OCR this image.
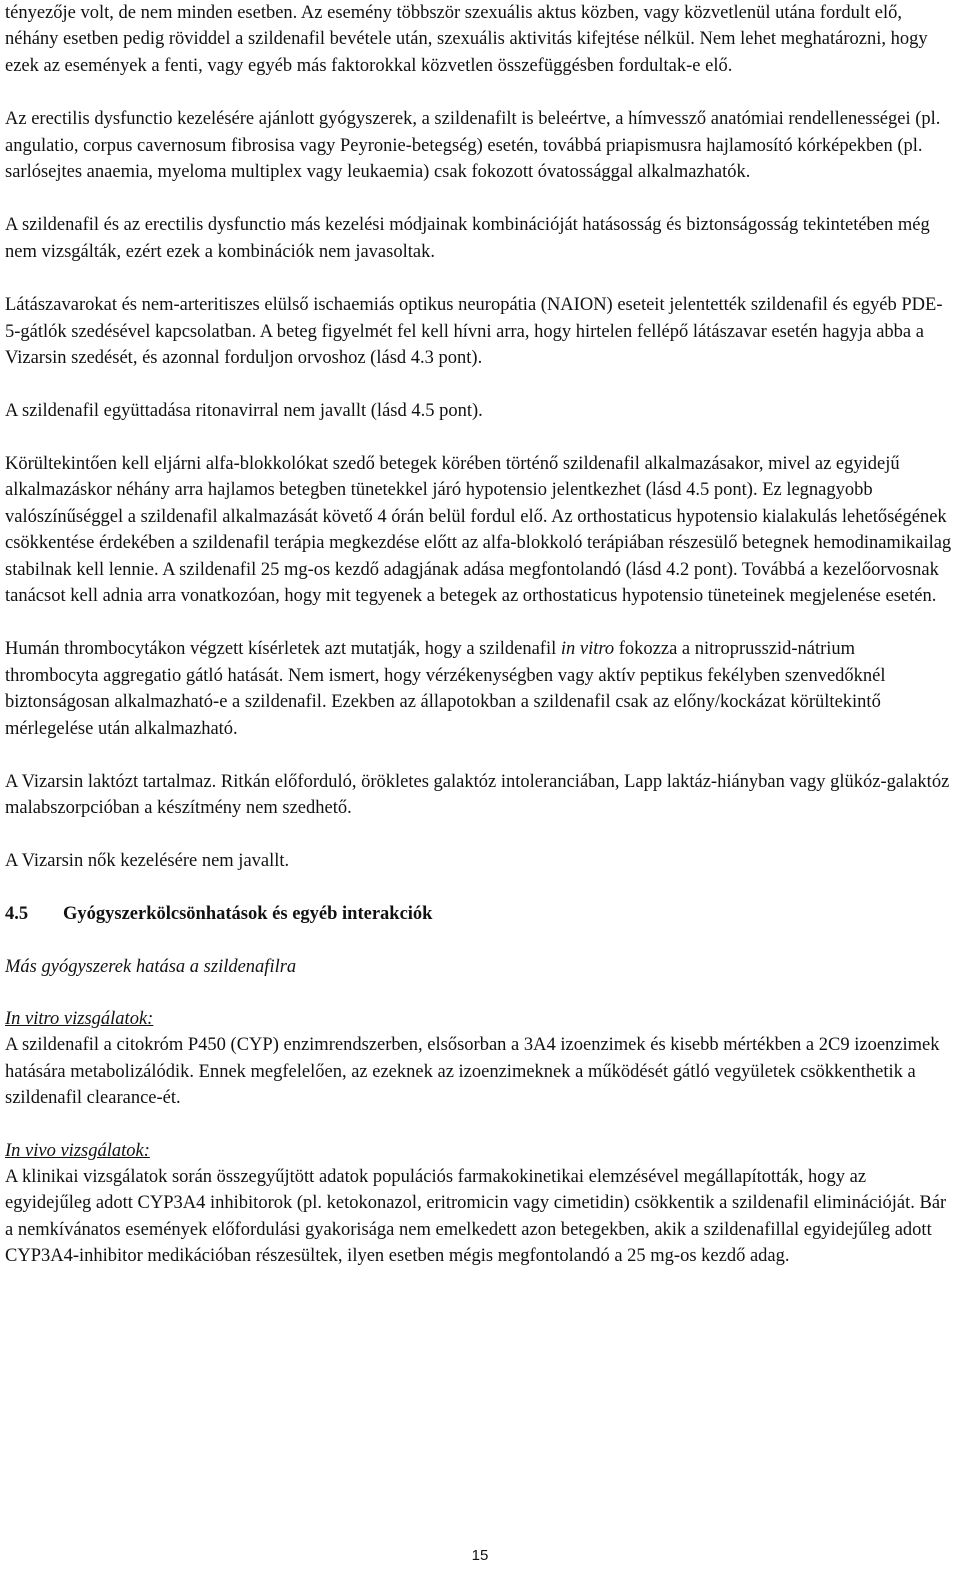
tényezője volt, de nem minden esetben. Az esemény többször szexuális aktus közben, vagy közvetlenül utána fordult elő, néhány esetben pedig röviddel a szildenafil bevétele után, szexuális aktivitás kifejtése nélkül. Nem lehet meghatározni, hogy ezek az események a fenti, vagy egyéb más faktorokkal közvetlen összefüggésben fordultak-e elő.

Az erectilis dysfunctio kezelésére ajánlott gyógyszerek, a szildenafilt is beleértve, a hímvessző anatómiai rendellenességei (pl. angulatio, corpus cavernosum fibrosisa vagy Peyronie-betegség) esetén, továbbá priapismusra hajlamosító kórképekben (pl. sarlósejtes anaemia, myeloma multiplex vagy leukaemia) csak fokozott óvatossággal alkalmazhatók.

A szildenafil és az erectilis dysfunctio más kezelési módjainak kombinációját hatásosság és biztonságosság tekintetében még nem vizsgálták, ezért ezek a kombinációk nem javasoltak.

Látászavarokat és nem-arteritiszes elülső ischaemiás optikus neuropátia (NAION) eseteit jelentették szildenafil és egyéb PDE-5-gátlók szedésével kapcsolatban. A beteg figyelmét fel kell hívni arra, hogy hirtelen fellépő látászavar esetén hagyja abba a Vizarsin szedését, és azonnal forduljon orvoshoz (lásd 4.3 pont).

A szildenafil együttadása ritonavirral nem javallt (lásd 4.5 pont).

Körültekintően kell eljárni alfa-blokkolókat szedő betegek körében történő szildenafil alkalmazásakor, mivel az egyidejű alkalmazáskor néhány arra hajlamos betegben tünetekkel járó hypotensio jelentkezhet (lásd 4.5 pont). Ez legnagyobb valószínűséggel a szildenafil alkalmazását követő 4 órán belül fordul elő. Az orthostaticus hypotensio kialakulás lehetőségének csökkentése érdekében a szildenafil terápia megkezdése előtt az alfa-blokkoló terápiában részesülő betegnek hemodinamikailag stabilnak kell lennie. A szildenafil 25 mg-os kezdő adagjának adása megfontolandó (lásd 4.2 pont). Továbbá a kezelőorvosnak tanácsot kell adnia arra vonatkozóan, hogy mit tegyenek a betegek az orthostaticus hypotensio tüneteinek megjelenése esetén.

Humán thrombocytákon végzett kísérletek azt mutatják, hogy a szildenafil in vitro fokozza a nitroprusszid-nátrium thrombocyta aggregatio gátló hatását. Nem ismert, hogy vérzékenységben vagy aktív peptikus fekélyben szenvedőknél biztonságosan alkalmazható-e a szildenafil. Ezekben az állapotokban a szildenafil csak az előny/kockázat körültekintő mérlegelése után alkalmazható.

A Vizarsin laktózt tartalmaz. Ritkán előforduló, örökletes galaktóz intoleranciában, Lapp laktáz-hiányban vagy glükóz-galaktóz malabszorpcióban a készítmény nem szedhető.

A Vizarsin nők kezelésére nem javallt.

4.5	Gyógyszerkölcsönhatások és egyéb interakciók

Más gyógyszerek hatása a szildenafilra

In vitro vizsgálatok:
A szildenafil a citokróm P450 (CYP) enzimrendszerben, elsősorban a 3A4 izoenzimek és kisebb mértékben a 2C9 izoenzimek hatására metabolizálódik. Ennek megfelelően, az ezeknek az izoenzimeknek a működését gátló vegyületek csökkenthetik a szildenafil clearance-ét.

In vivo vizsgálatok:
A klinikai vizsgálatok során összegyűjtött adatok populációs farmakokinetikai elemzésével megállapították, hogy az egyidejűleg adott CYP3A4 inhibitorok (pl. ketokonazol, eritromicin vagy cimetidin) csökkentik a szildenafil eliminációját. Bár a nemkívánatos események előfordulási gyakorisága nem emelkedett azon betegekben, akik a szildenafillal egyidejűleg adott CYP3A4-inhibitor medikációban részesültek, ilyen esetben mégis megfontolandó a 25 mg-os kezdő adag.

15
